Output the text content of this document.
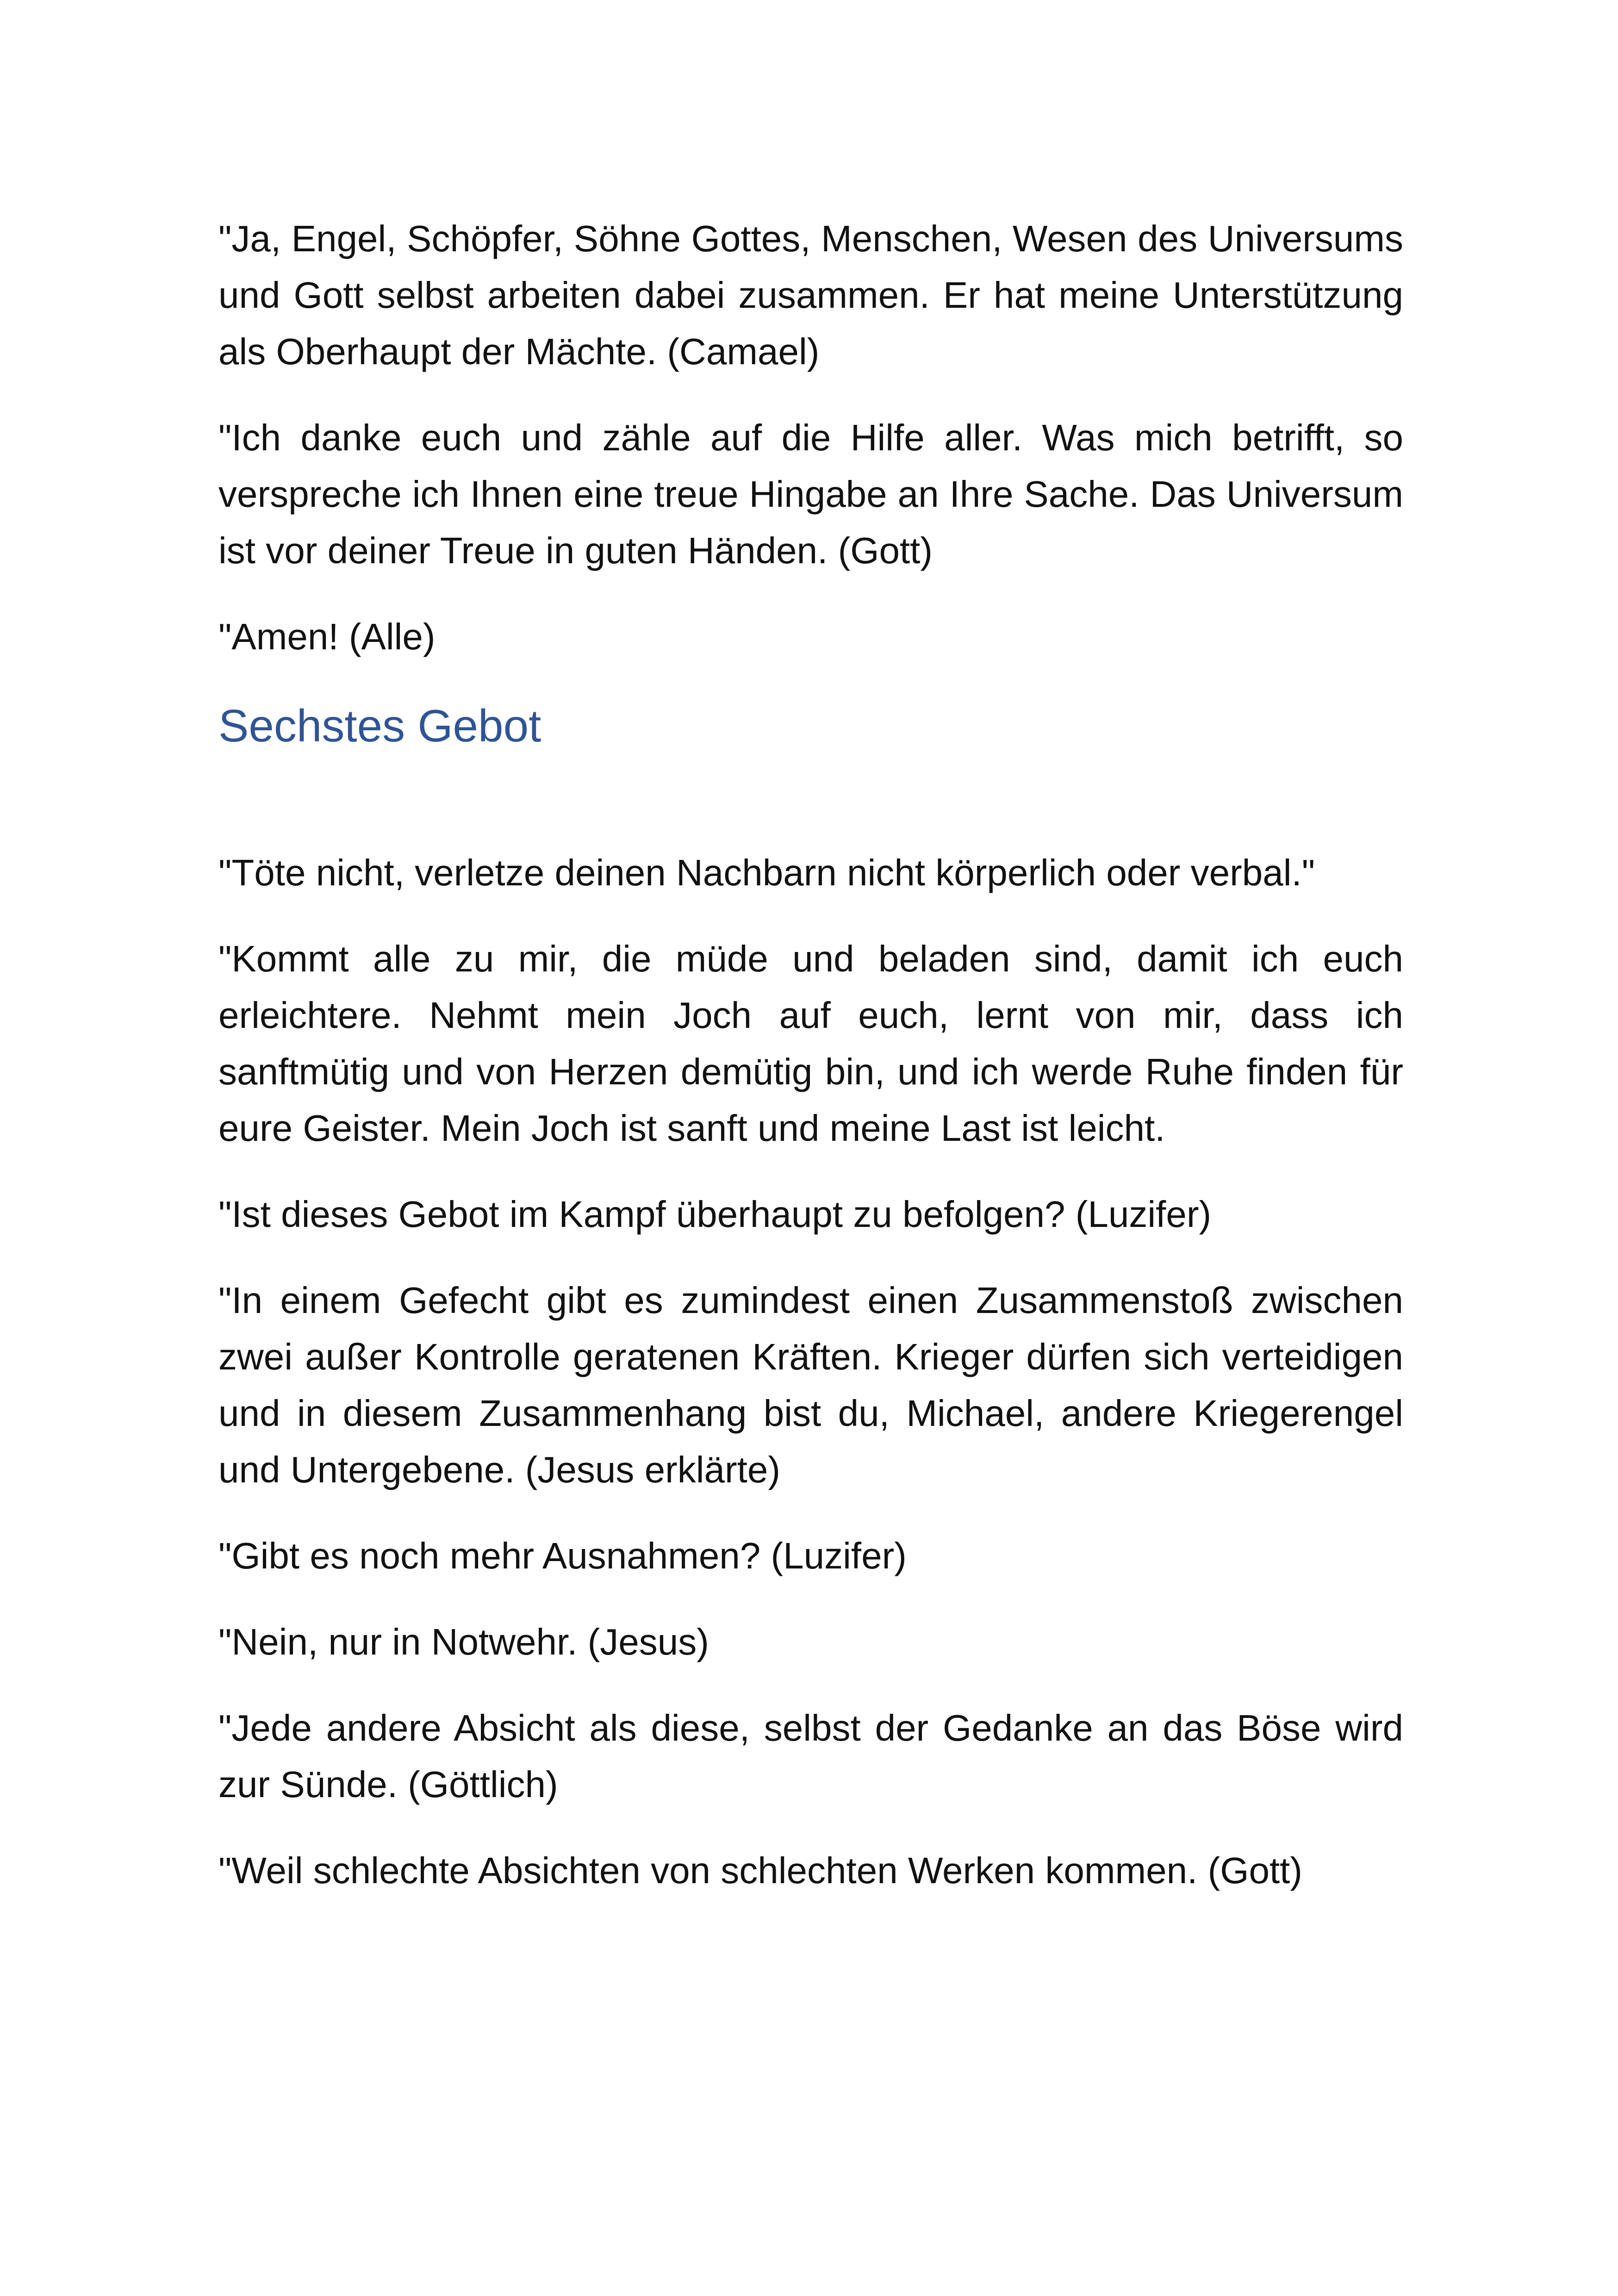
"Ja, Engel, Schöpfer, Söhne Gottes, Menschen, Wesen des Universums und Gott selbst arbeiten dabei zusammen. Er hat meine Unterstützung als Oberhaupt der Mächte. (Camael)

"Ich danke euch und zähle auf die Hilfe aller. Was mich betrifft, so verspreche ich Ihnen eine treue Hingabe an Ihre Sache. Das Universum ist vor deiner Treue in guten Händen. (Gott)

"Amen! (Alle)

Sechstes Gebot

"Töte nicht, verletze deinen Nachbarn nicht körperlich oder verbal."

"Kommt alle zu mir, die müde und beladen sind, damit ich euch erleichtere. Nehmt mein Joch auf euch, lernt von mir, dass ich sanftmütig und von Herzen demütig bin, und ich werde Ruhe finden für eure Geister. Mein Joch ist sanft und meine Last ist leicht.

"Ist dieses Gebot im Kampf überhaupt zu befolgen? (Luzifer)

"In einem Gefecht gibt es zumindest einen Zusammenstoß zwischen zwei außer Kontrolle geratenen Kräften. Krieger dürfen sich verteidigen und in diesem Zusammenhang bist du, Michael, andere Kriegerengel und Untergebene. (Jesus erklärte)

"Gibt es noch mehr Ausnahmen? (Luzifer)

"Nein, nur in Notwehr. (Jesus)

"Jede andere Absicht als diese, selbst der Gedanke an das Böse wird zur Sünde. (Göttlich)

"Weil schlechte Absichten von schlechten Werken kommen. (Gott)
